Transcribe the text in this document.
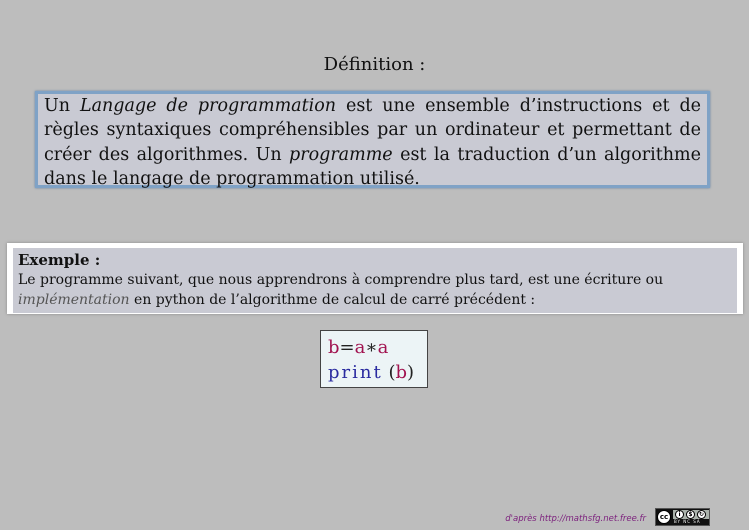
Définition :
Un Langage de programmation est une ensemble d’instructions et de règles syntaxiques compréhensibles par un ordinateur et permettant de créer des algorithmes. Un programme est la traduction d’un algorithme dans le langage de programmation utilisé.
Exemple :
Le programme suivant, que nous apprendrons à comprendre plus tard, est une écriture ou implémentation en python de l’algorithme de calcul de carré précédent :
b=a∗a
print (b)
d'après http://mathsfg.net.free.fr	cc	i	$	↻
BY NC SA
